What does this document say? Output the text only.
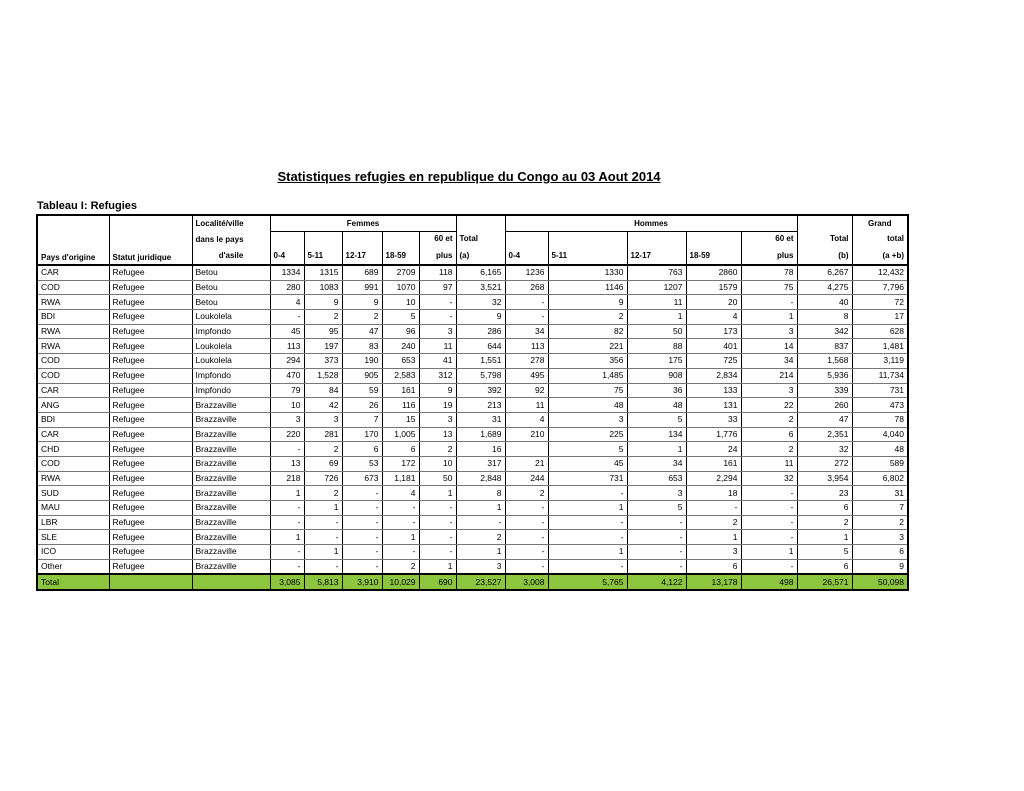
Statistiques refugies en republique du Congo au 03 Aout 2014
Tableau I: Refugies
Pays d'origine	Statut juridique	Localité/ville
dans le pays
d'asile	Femmes						Hommes						Grand
							60 et	Total					60 et	Total	total
			0-4	5-11	12-17	18-59	plus	(a)	0-4	5-11	12-17	18-59	plus	(b)	(a +b)
CAR	Refugee	Betou	1334	1315	689	2709	118	6,165	1236	1330	763	2860	78	6,267	12,432
COD	Refugee	Betou	280	1083	991	1070	97	3,521	268	1146	1207	1579	75	4,275	7,796
RWA	Refugee	Betou	4	9	9	10	-	32	-	9	11	20	-	40	72
BDI	Refugee	Loukolela	-	2	2	5	-	9	-	2	1	4	1	8	17
RWA	Refugee	Impfondo	45	95	47	96	3	286	34	82	50	173	3	342	628
RWA	Refugee	Loukolela	113	197	83	240	11	644	113	221	88	401	14	837	1,481
COD	Refugee	Loukolela	294	373	190	653	41	1,551	278	356	175	725	34	1,568	3,119
COD	Refugee	Impfondo	470	1,528	905	2,583	312	5,798	495	1,485	908	2,834	214	5,936	11,734
CAR	Refugee	Impfondo	79	84	59	161	9	392	92	75	36	133	3	339	731
ANG	Refugee	Brazzaville	10	42	26	116	19	213	11	48	48	131	22	260	473
BDI	Refugee	Brazzaville	3	3	7	15	3	31	4	3	5	33	2	47	78
CAR	Refugee	Brazzaville	220	281	170	1,005	13	1,689	210	225	134	1,776	6	2,351	4,040
CHD	Refugee	Brazzaville	-	2	6	6	2	16		5	1	24	2	32	48
COD	Refugee	Brazzaville	13	69	53	172	10	317	21	45	34	161	11	272	589
RWA	Refugee	Brazzaville	218	726	673	1,181	50	2,848	244	731	653	2,294	32	3,954	6,802
SUD	Refugee	Brazzaville	1	2	-	4	1	8	2	-	3	18	-	23	31
MAU	Refugee	Brazzaville	-	1	-	-	-	1	-	1	5	-	-	6	7
LBR	Refugee	Brazzaville	-	-	-	-	-	-	-	-	-	2	-	2	2
SLE	Refugee	Brazzaville	1	-	-	1	-	2	-	-	-	1	-	1	3
ICO	Refugee	Brazzaville	-	1	-	-	-	1	-	1	-	3	1	5	6
Other	Refugee	Brazzaville	-	-	-	2	1	3	-	-	-	6	-	6	9
Total			3,085	5,813	3,910	10,029	690	23,527	3,008	5,765	4,122	13,178	498	26,571	50,098
